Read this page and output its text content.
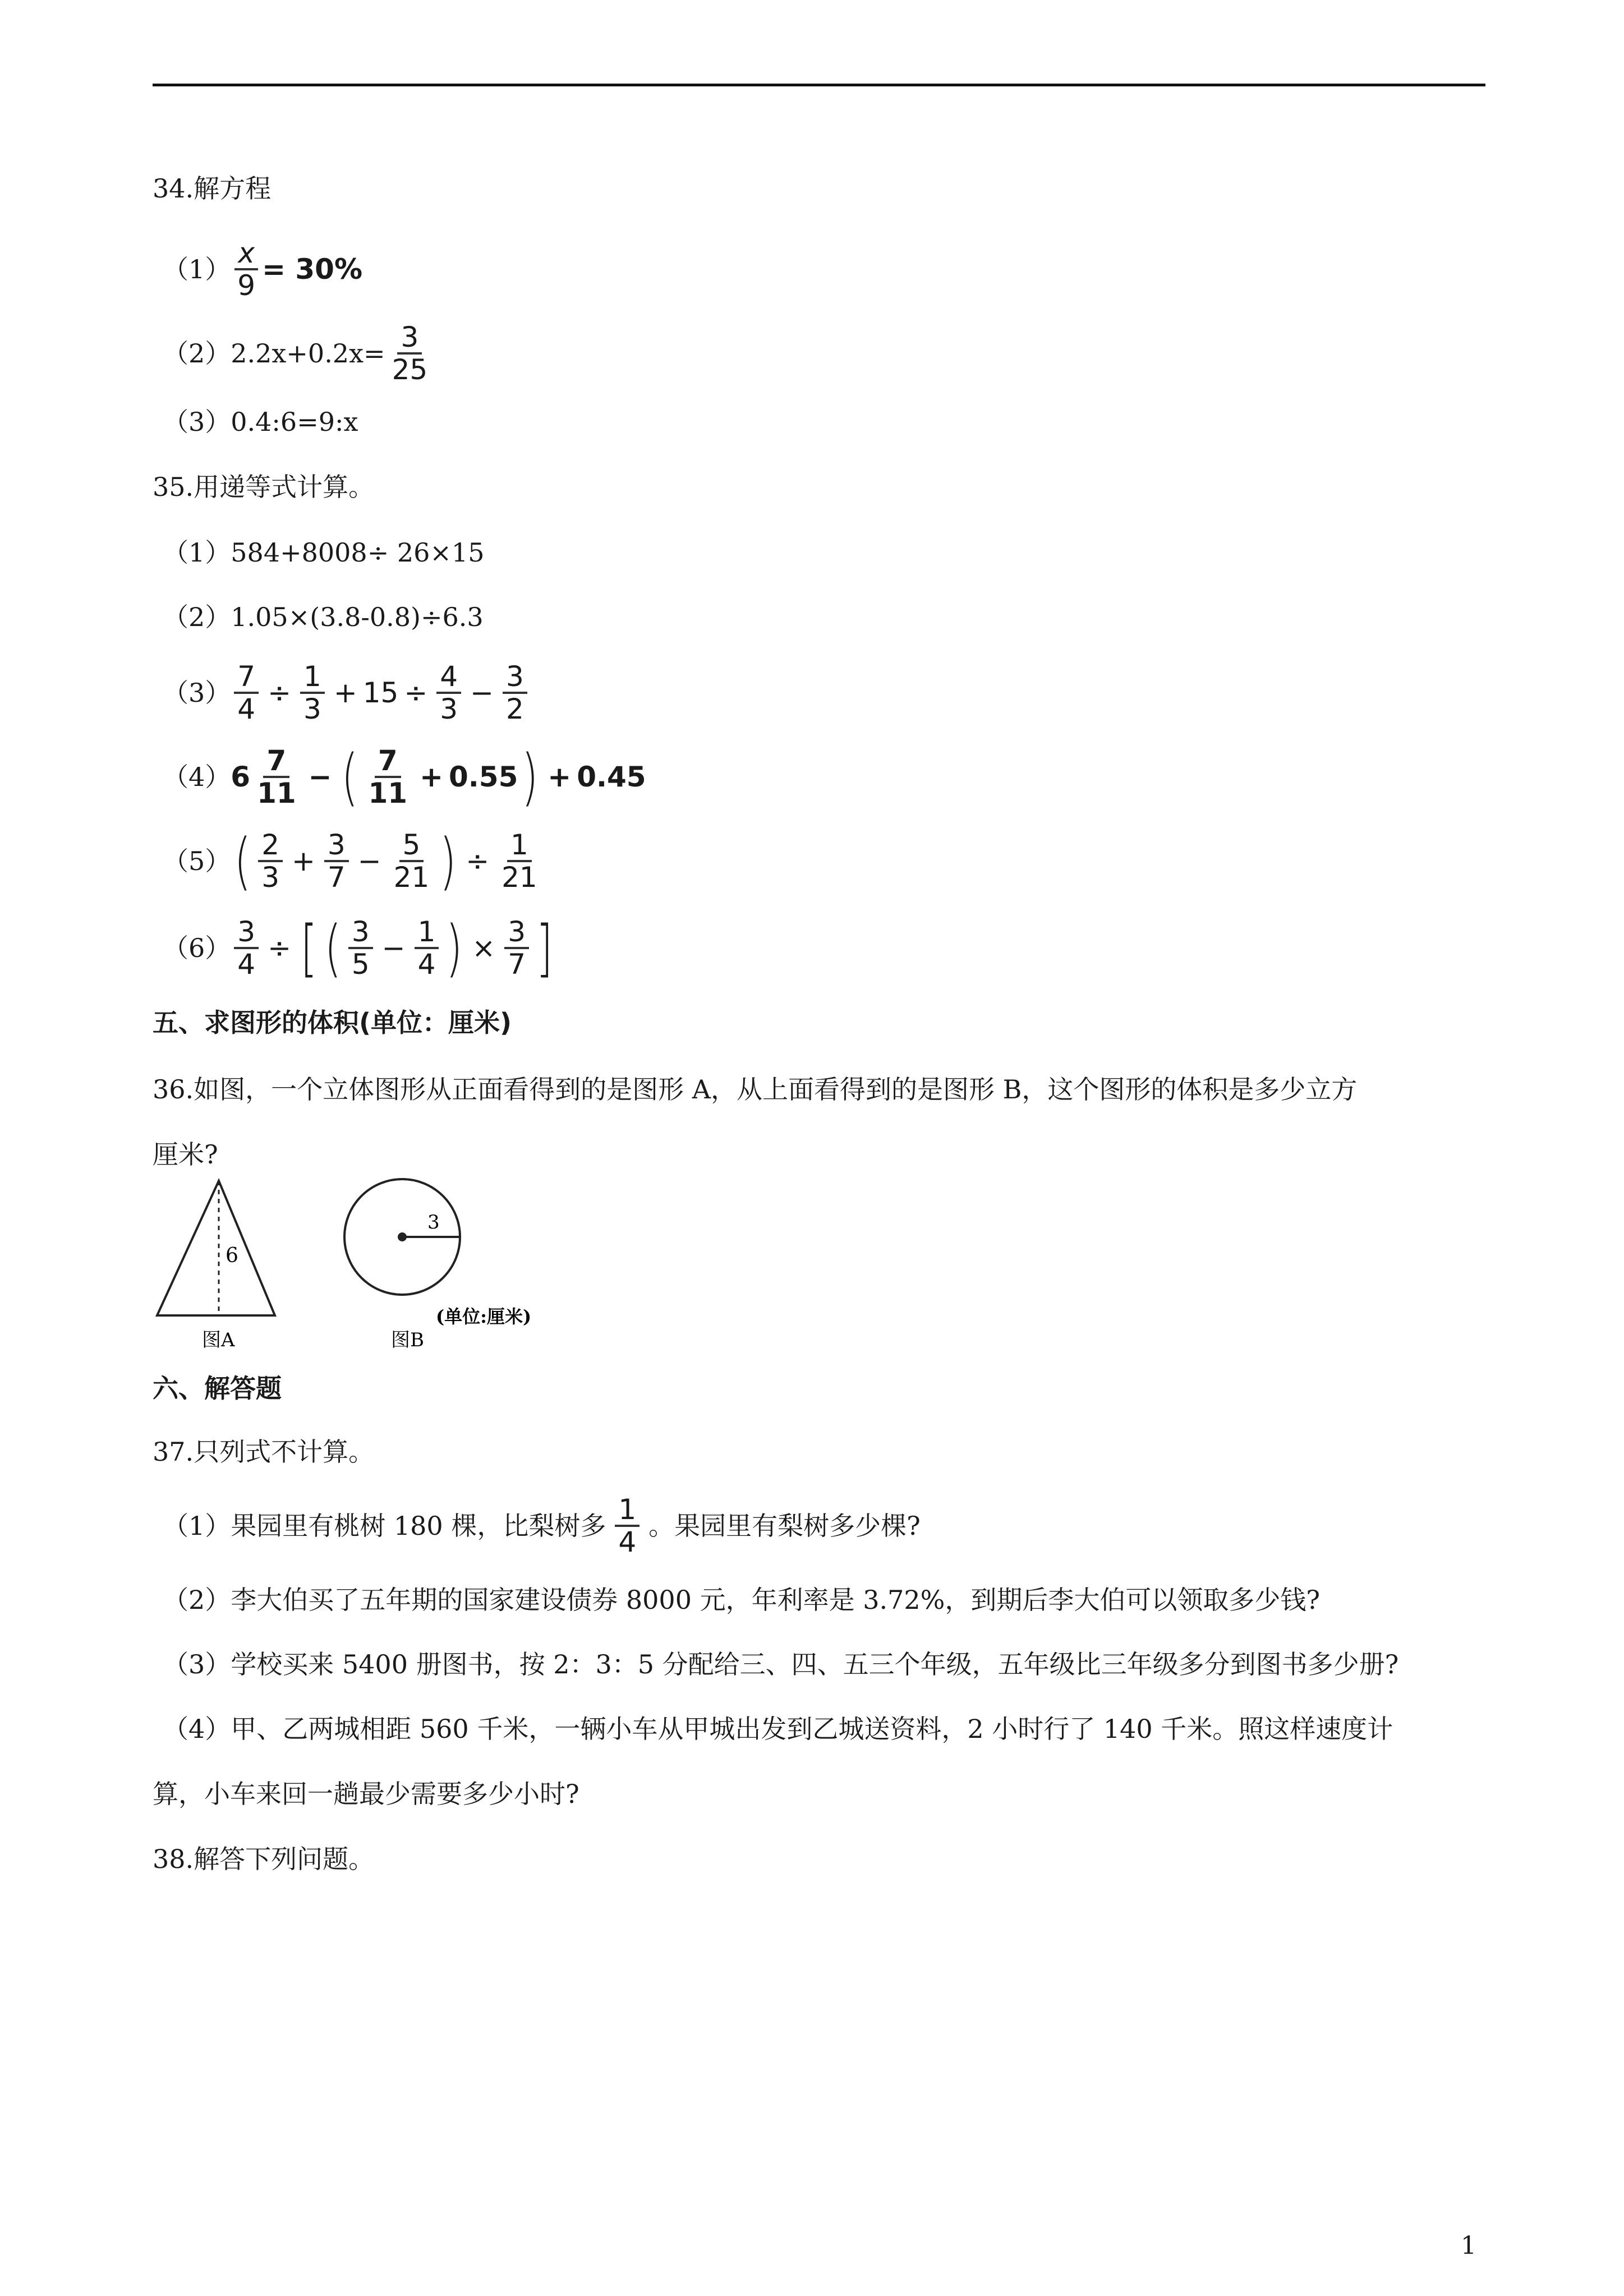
34.解方程
$(1) \frac{x}{9} = 30\%$
（2） $2.2x+0.2x= \frac{3}{25}$
（3）0.4:6=9:x
35.用递等式计算。
（1）584+8008÷ 26×15
（2）1.05×(3.8-0.8)÷6.3
$(3) \frac{7}{4} \div \frac{1}{3} + 15 \div \frac{4}{3} - \frac{3}{2}$
（4） $6 \frac{7}{11}$ − ( $\frac{7}{11} + 0.55$ ) + 0.45
（5） ( $\frac{2}{3} + \frac{3}{7} - \frac{5}{21}$ ) ÷ $\frac{1}{21}$
$(6) \frac{3}{4}$ ÷ [ ( $\frac{3}{5} - \frac{1}{4}$ ) × $\frac{3}{7}$ ]
五、求图形的体积(单位：厘米)
36.如图，一个立体图形从正面看得到的是图形 A，从上面看得到的是图形 B，这个图形的体积是多少立方
厘米?
6
图A
3
(单位:厘米)
图B
六、解答题
37.只列式不计算。
（1） 果园里有桃树 180 棵，比梨树多 $\frac{1}{4}$ 。果园里有梨树多少棵?
（2）李大伯买了五年期的国家建设债券 8000 元，年利率是 3.72%，到期后李大伯可以领取多少钱?
（3）学校买来 5400 册图书，按 2：3：5 分配给三、四、五三个年级，五年级比三年级多分到图书多少册?
（4）甲、乙两城相距 560 千米，一辆小车从甲城出发到乙城送资料，2 小时行了 140 千米。照这样速度计
算，小车来回一趟最少需要多少小时?
38.解答下列问题。
1
